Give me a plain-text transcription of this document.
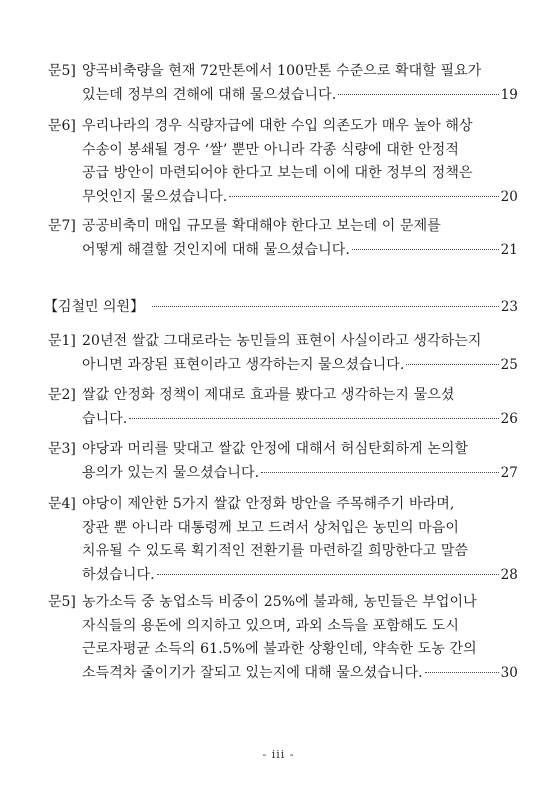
문5] 양곡비축량을 현재 72만톤에서 100만톤 수준으로 확대할 필요가
있는데 정부의 견해에 대해 물으셨습니다.	19
문6] 우리나라의 경우 식량자급에 대한 수입 의존도가 매우 높아 해상
수송이 봉쇄될 경우 ‘쌀’ 뿐만 아니라 각종 식량에 대한 안정적
공급 방안이 마련되어야 한다고 보는데 이에 대한 정부의 정책은
무엇인지 물으셨습니다.	20
문7] 공공비축미 매입 규모를 확대해야 한다고 보는데 이 문제를
어떻게 해결할 것인지에 대해 물으셨습니다.	21
【김철민 의원】	23
문1] 20년전 쌀값 그대로라는 농민들의 표현이 사실이라고 생각하는지
아니면 과장된 표현이라고 생각하는지 물으셨습니다.	25
문2] 쌀값 안정화 정책이 제대로 효과를 봤다고 생각하는지 물으셨
습니다.	26
문3] 야당과 머리를 맞대고 쌀값 안정에 대해서 허심탄회하게 논의할
용의가 있는지 물으셨습니다.	27
문4] 야당이 제안한 5가지 쌀값 안정화 방안을 주목해주기 바라며,
장관 뿐 아니라 대통령께 보고 드려서 상처입은 농민의 마음이
치유될 수 있도록 획기적인 전환기를 마련하길 희망한다고 말씀
하셨습니다.	28
문5] 농가소득 중 농업소득 비중이 25%에 불과해, 농민들은 부업이나
자식들의 용돈에 의지하고 있으며, 과외 소득을 포함해도 도시
근로자평균 소득의 61.5%에 불과한 상황인데, 약속한 도농 간의
소득격차 줄이기가 잘되고 있는지에 대해 물으셨습니다.	30
- iii -
